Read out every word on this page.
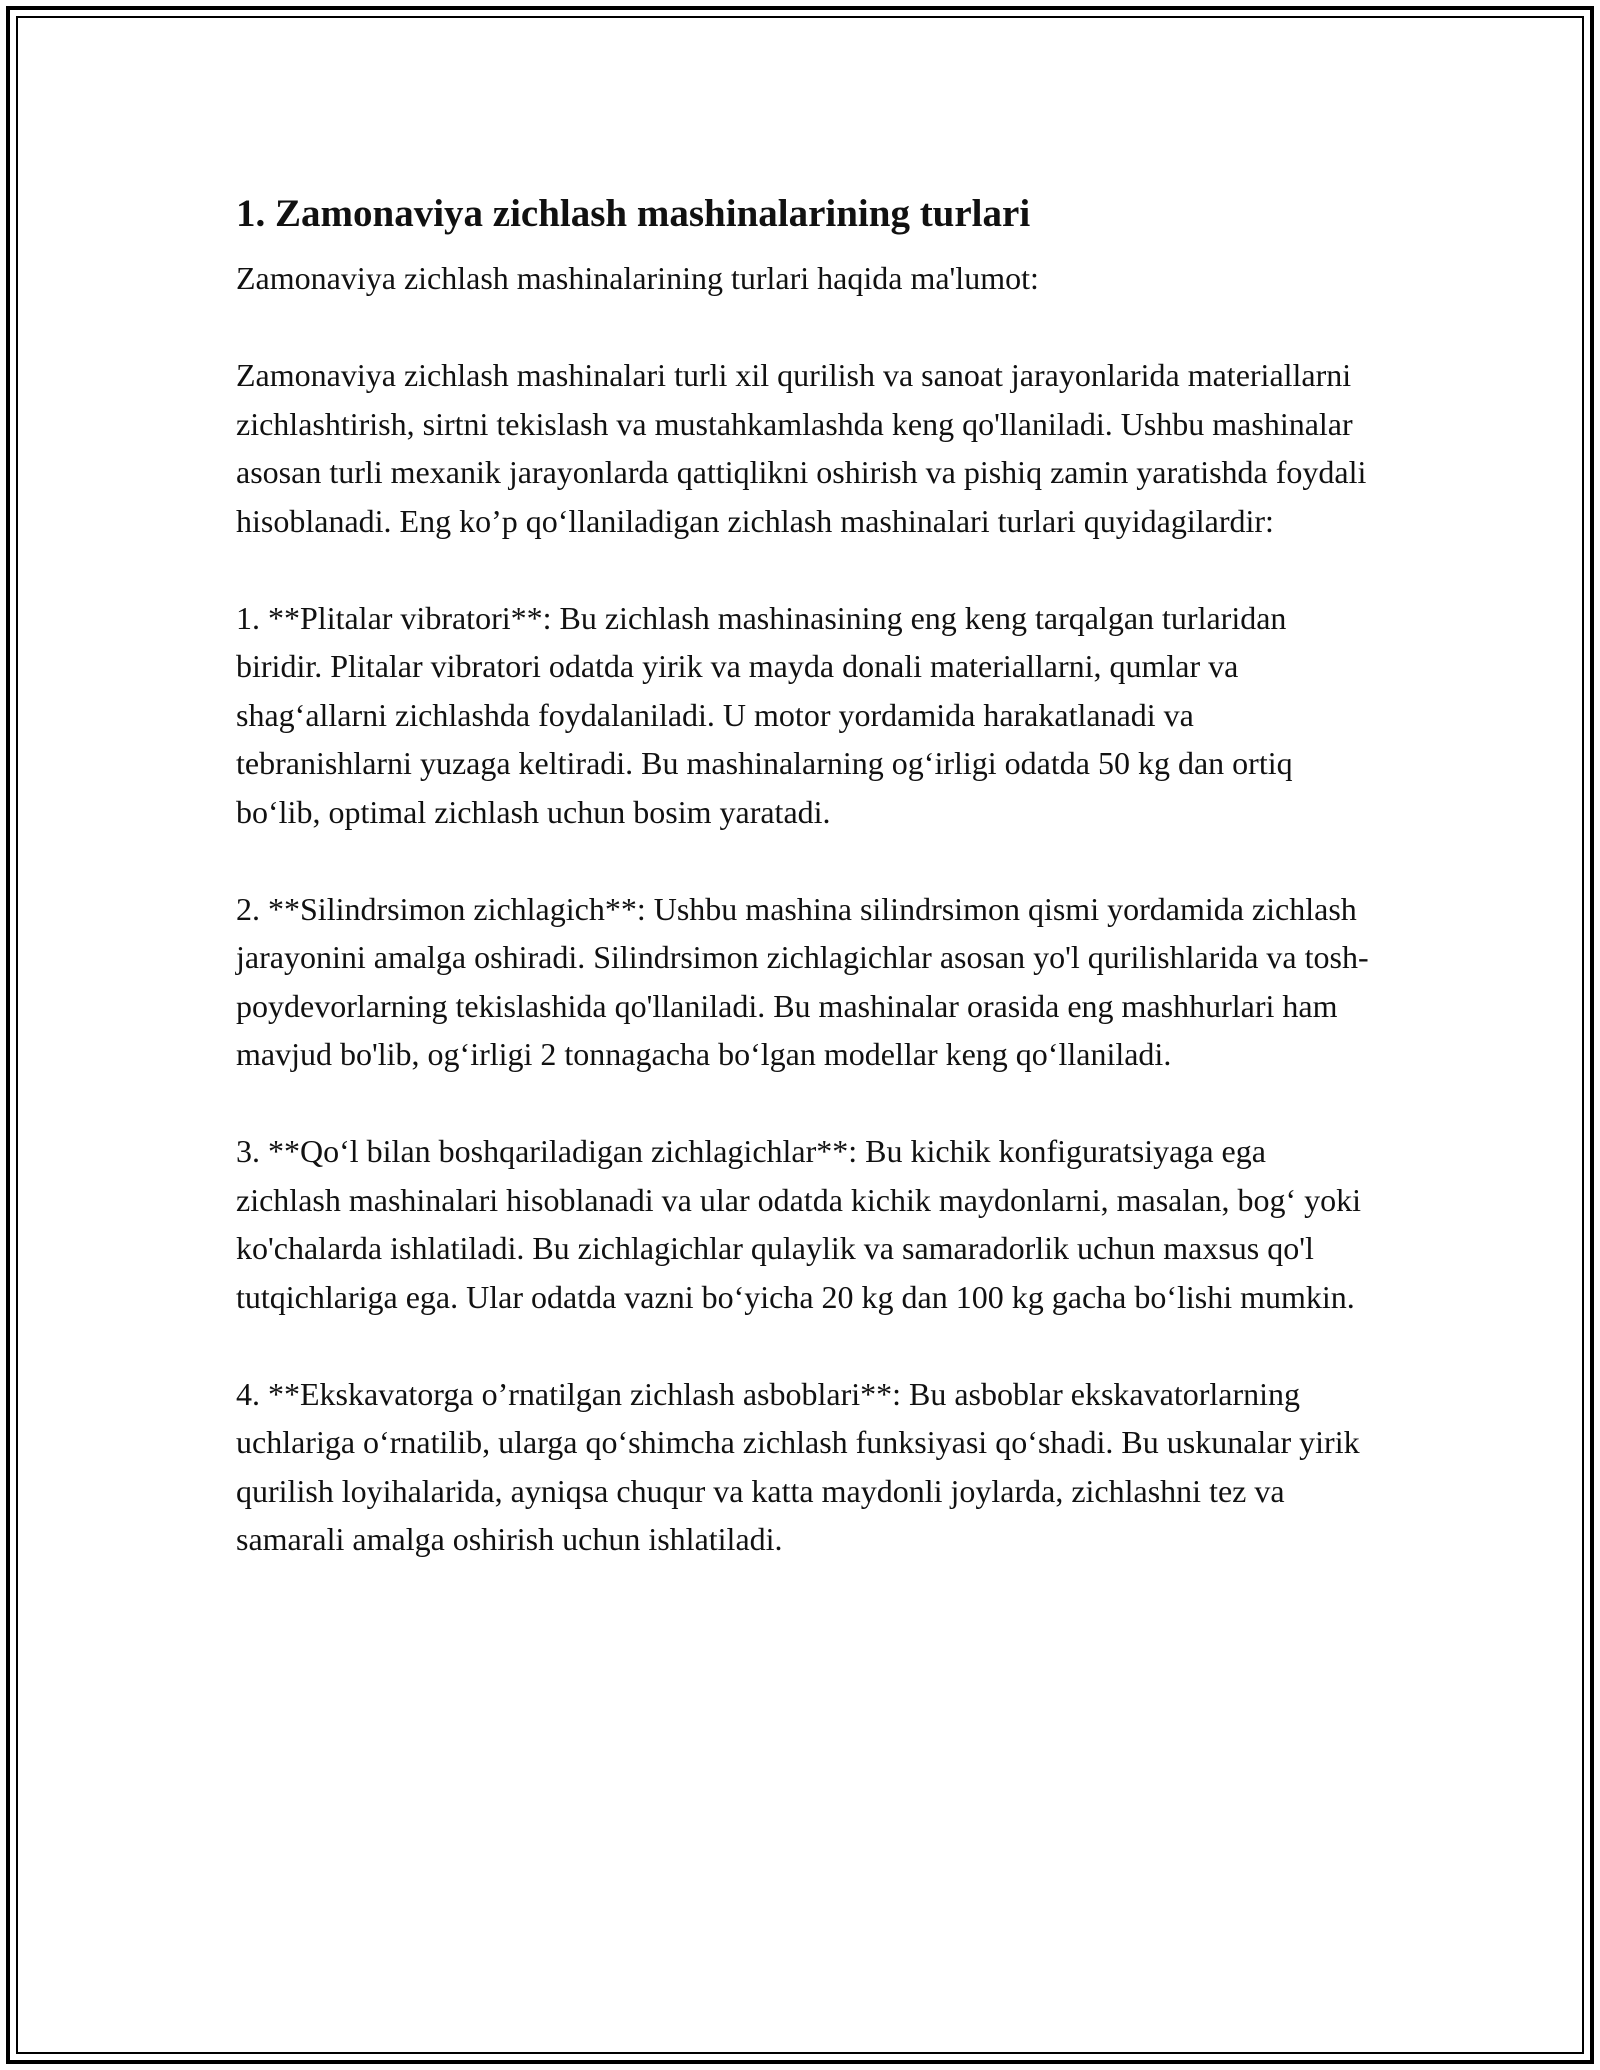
1. Zamonaviya zichlash mashinalarining turlari

Zamonaviya zichlash mashinalarining turlari haqida ma'lumot:

Zamonaviya zichlash mashinalari turli xil qurilish va sanoat jarayonlarida materiallarni zichlashtirish, sirtni tekislash va mustahkamlashda keng qo'llaniladi. Ushbu mashinalar asosan turli mexanik jarayonlarda qattiqlikni oshirish va pishiq zamin yaratishda foydali hisoblanadi. Eng ko’p qo‘llaniladigan zichlash mashinalari turlari quyidagilardir:

1. **Plitalar vibratori**: Bu zichlash mashinasining eng keng tarqalgan turlaridan biridir. Plitalar vibratori odatda yirik va mayda donali materiallarni, qumlar va shag‘allarni zichlashda foydalaniladi. U motor yordamida harakatlanadi va tebranishlarni yuzaga keltiradi. Bu mashinalarning og‘irligi odatda 50 kg dan ortiq bo‘lib, optimal zichlash uchun bosim yaratadi.

2. **Silindrsimon zichlagich**: Ushbu mashina silindrsimon qismi yordamida zichlash jarayonini amalga oshiradi. Silindrsimon zichlagichlar asosan yo'l qurilishlarida va tosh-poydevorlarning tekislashida qo'llaniladi. Bu mashinalar orasida eng mashhurlari ham mavjud bo'lib, og‘irligi 2 tonnagacha bo‘lgan modellar keng qo‘llaniladi.

3. **Qo‘l bilan boshqariladigan zichlagichlar**: Bu kichik konfiguratsiyaga ega zichlash mashinalari hisoblanadi va ular odatda kichik maydonlarni, masalan, bog‘ yoki ko'chalarda ishlatiladi. Bu zichlagichlar qulaylik va samaradorlik uchun maxsus qo'l tutqichlariga ega. Ular odatda vazni bo‘yicha 20 kg dan 100 kg gacha bo‘lishi mumkin.

4. **Ekskavatorga o’rnatilgan zichlash asboblari**: Bu asboblar ekskavatorlarning uchlariga o‘rnatilib, ularga qo‘shimcha zichlash funksiyasi qo‘shadi. Bu uskunalar yirik qurilish loyihalarida, ayniqsa chuqur va katta maydonli joylarda, zichlashni tez va samarali amalga oshirish uchun ishlatiladi.
